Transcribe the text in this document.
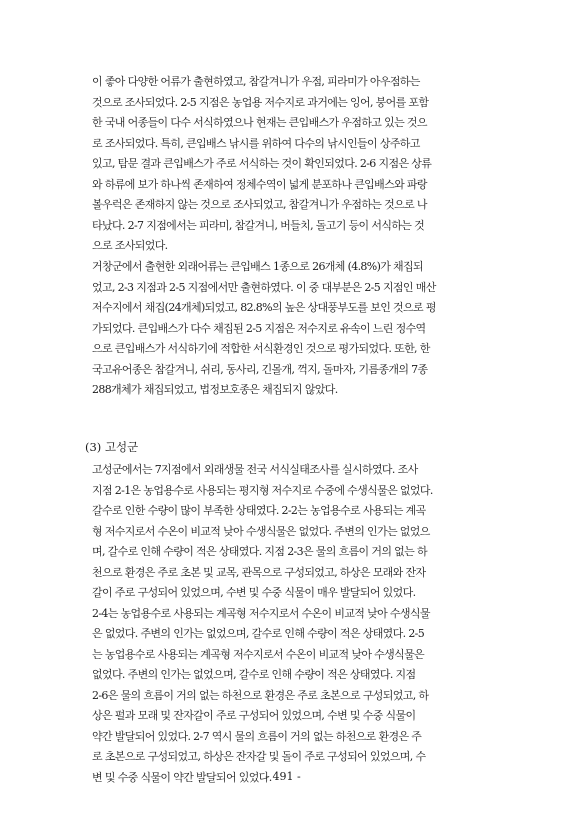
이 좋아 다양한 어류가 출현하였고, 참갈겨니가 우점, 피라미가 아우점하는
것으로 조사되었다. 2-5 지점은 농업용 저수지로 과거에는 잉어, 붕어를 포함
한 국내 어종들이 다수 서식하였으나 현재는 큰입배스가 우점하고 있는 것으
로 조사되었다. 특히, 큰입배스 낚시를 위하여 다수의 낚시인들이 상주하고
있고, 탐문 결과 큰입배스가 주로 서식하는 것이 확인되었다. 2-6 지점은 상류
와 하류에 보가 하나씩 존재하여 정체수역이 넓게 분포하나 큰입배스와 파랑
볼우럭은 존재하지 않는 것으로 조사되었고, 참갈겨니가 우점하는 것으로 나
타났다. 2-7 지점에서는 피라미, 참갈겨니, 버들치, 돌고기 등이 서식하는 것
으로 조사되었다.
거창군에서 출현한 외래어류는 큰입배스 1종으로 26개체 (4.8%)가 채집되
었고, 2-3 지점과 2-5 지점에서만 출현하였다. 이 중 대부분은 2-5 지점인 매산
저수지에서 채집(24개체)되었고, 82.8%의 높은 상대풍부도를 보인 것으로 평
가되었다. 큰입배스가 다수 채집된 2-5 지점은 저수지로 유속이 느린 정수역
으로 큰입배스가 서식하기에 적합한 서식환경인 것으로 평가되었다. 또한, 한
국고유어종은 참갈겨니, 쉬리, 동사리, 긴몰개, 꺽지, 돌마자, 기름종개의 7종
288개체가 채집되었고, 법정보호종은 채집되지 않았다.
(3) 고성군
고성군에서는 7지점에서 외래생물 전국 서식실태조사를 실시하였다. 조사
지점 2-1은 농업용수로 사용되는 평지형 저수지로 수중에 수생식물은 없었다.
갈수로 인한 수량이 많이 부족한 상태였다. 2-2는 농업용수로 사용되는 계곡
형 저수지로서 수온이 비교적 낮아 수생식물은 없었다. 주변의 인가는 없었으
며, 갈수로 인해 수량이 적은 상태였다. 지점 2-3은 물의 흐름이 거의 없는 하
천으로 환경은 주로 초본 및 교목, 관목으로 구성되었고, 하상은 모래와 잔자
갈이 주로 구성되어 있었으며, 수변 및 수중 식물이 매우 발달되어 있었다.
2-4는 농업용수로 사용되는 계곡형 저수지로서 수온이 비교적 낮아 수생식물
은 없었다. 주변의 인가는 없었으며, 갈수로 인해 수량이 적은 상태였다. 2-5
는 농업용수로 사용되는 계곡형 저수지로서 수온이 비교적 낮아 수생식물은
없었다. 주변의 인가는 없었으며, 갈수로 인해 수량이 적은 상태였다. 지점
2-6은 물의 흐름이 거의 없는 하천으로 환경은 주로 초본으로 구성되었고, 하
상은 펄과 모래 및 잔자갈이 주로 구성되어 있었으며, 수변 및 수중 식물이
약간 발달되어 있었다. 2-7 역시 물의 흐름이 거의 없는 하천으로 환경은 주
로 초본으로 구성되었고, 하상은 잔자갈 및 돌이 주로 구성되어 있었으며, 수
변 및 수중 식물이 약간 발달되어 있었다.
- 491 -
